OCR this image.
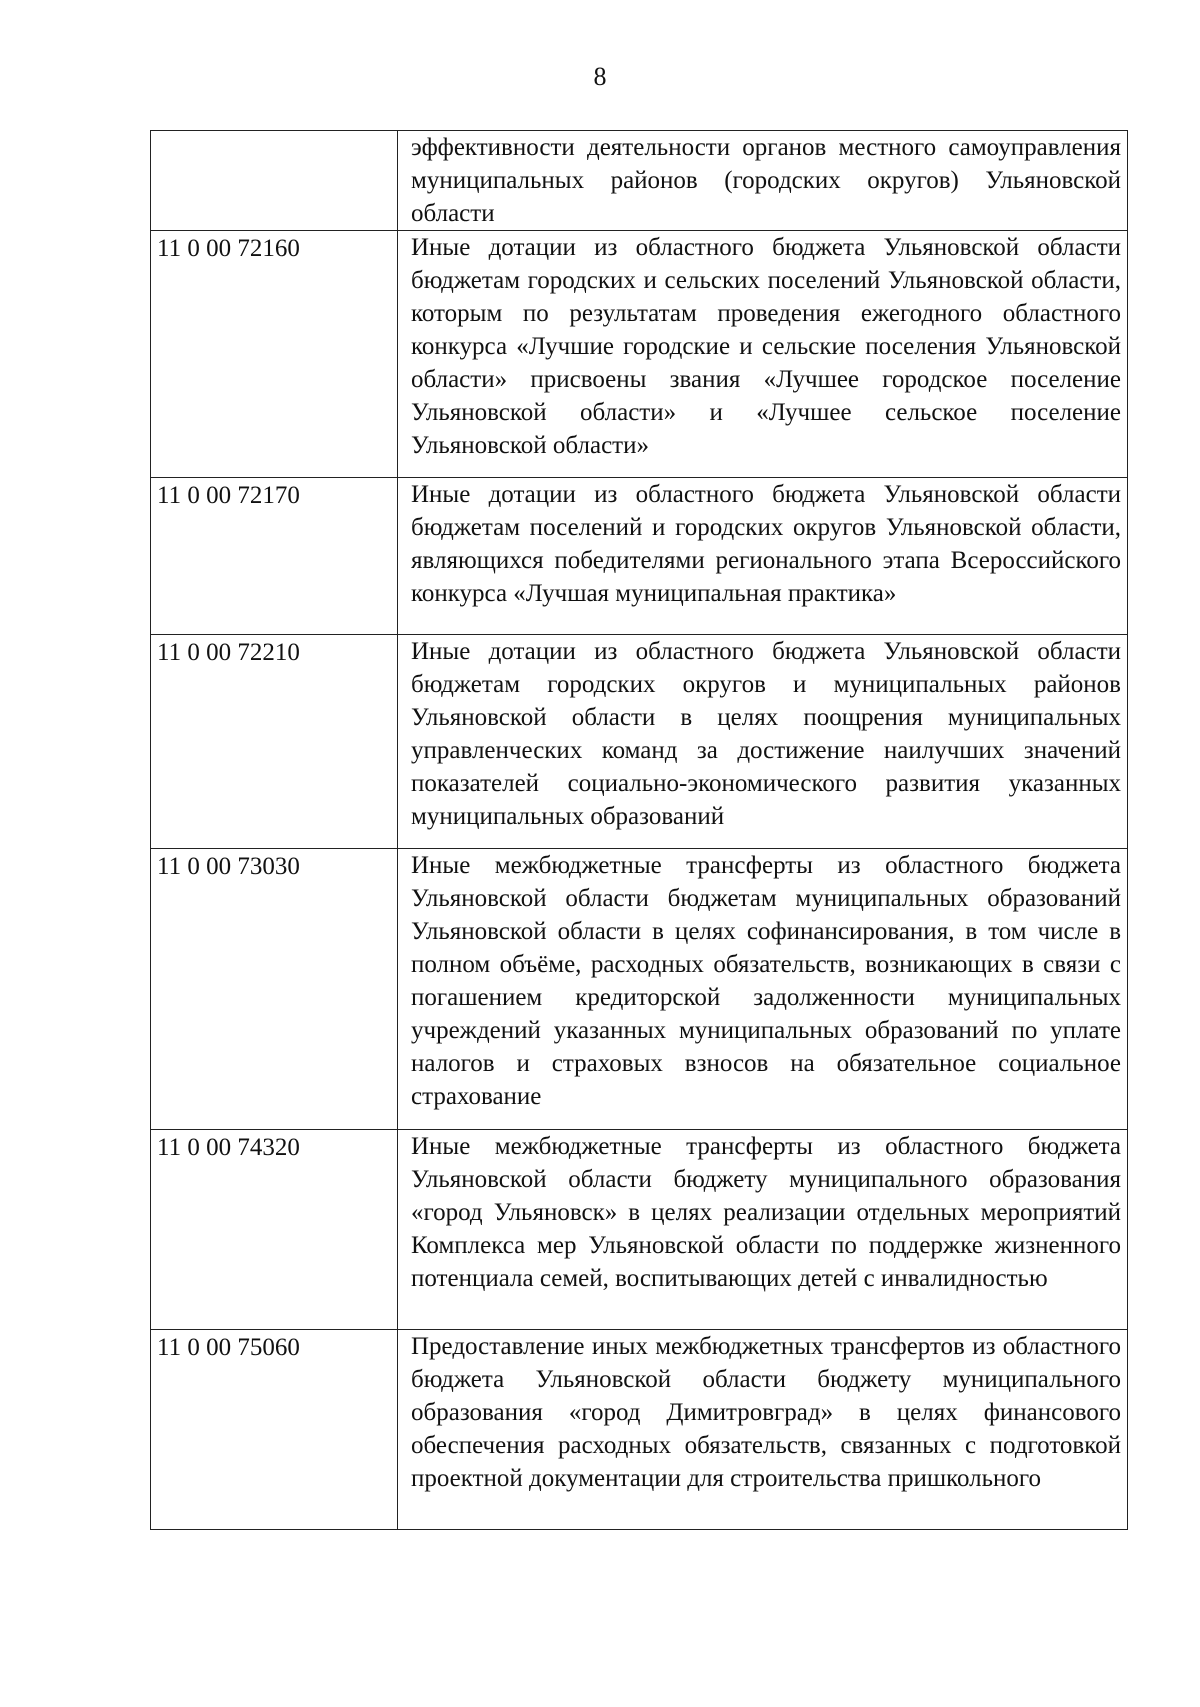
8

	эффективности деятельности органов местного самоуправления муниципальных районов (городских округов) Ульяновской области

11 0 00 72160	Иные дотации из областного бюджета Ульяновской области бюджетам городских и сельских поселений Ульяновской области, которым по результатам проведения ежегодного областного конкурса «Лучшие городские и сельские поселения Ульяновской области» присвоены звания «Лучшее городское поселение Ульяновской области» и «Лучшее сельское поселение Ульяновской области»

11 0 00 72170	Иные дотации из областного бюджета Ульяновской области бюджетам поселений и городских округов Ульяновской области, являющихся победителями регионального этапа Всероссийского конкурса «Лучшая муниципальная практика»

11 0 00 72210	Иные дотации из областного бюджета Ульяновской области бюджетам городских округов и муниципальных районов Ульяновской области в целях поощрения муниципальных управленческих команд за достижение наилучших значений показателей социально-экономического развития указанных муниципальных образований

11 0 00 73030	Иные межбюджетные трансферты из областного бюджета Ульяновской области бюджетам муниципальных образований Ульяновской области в целях софинансирования, в том числе в полном объёме, расходных обязательств, возникающих в связи с погашением кредиторской задолженности муниципальных учреждений указанных муниципальных образований по уплате налогов и страховых взносов на обязательное социальное страхование

11 0 00 74320	Иные межбюджетные трансферты из областного бюджета Ульяновской области бюджету муниципального образования «город Ульяновск» в целях реализации отдельных мероприятий Комплекса мер Ульяновской области по поддержке жизненного потенциала семей, воспитывающих детей с инвалидностью

11 0 00 75060	Предоставление иных межбюджетных трансфертов из областного бюджета Ульяновской области бюджету муниципального образования «город Димитровград» в целях финансового обеспечения расходных обязательств, связанных с подготовкой проектной документации для строительства пришкольного
